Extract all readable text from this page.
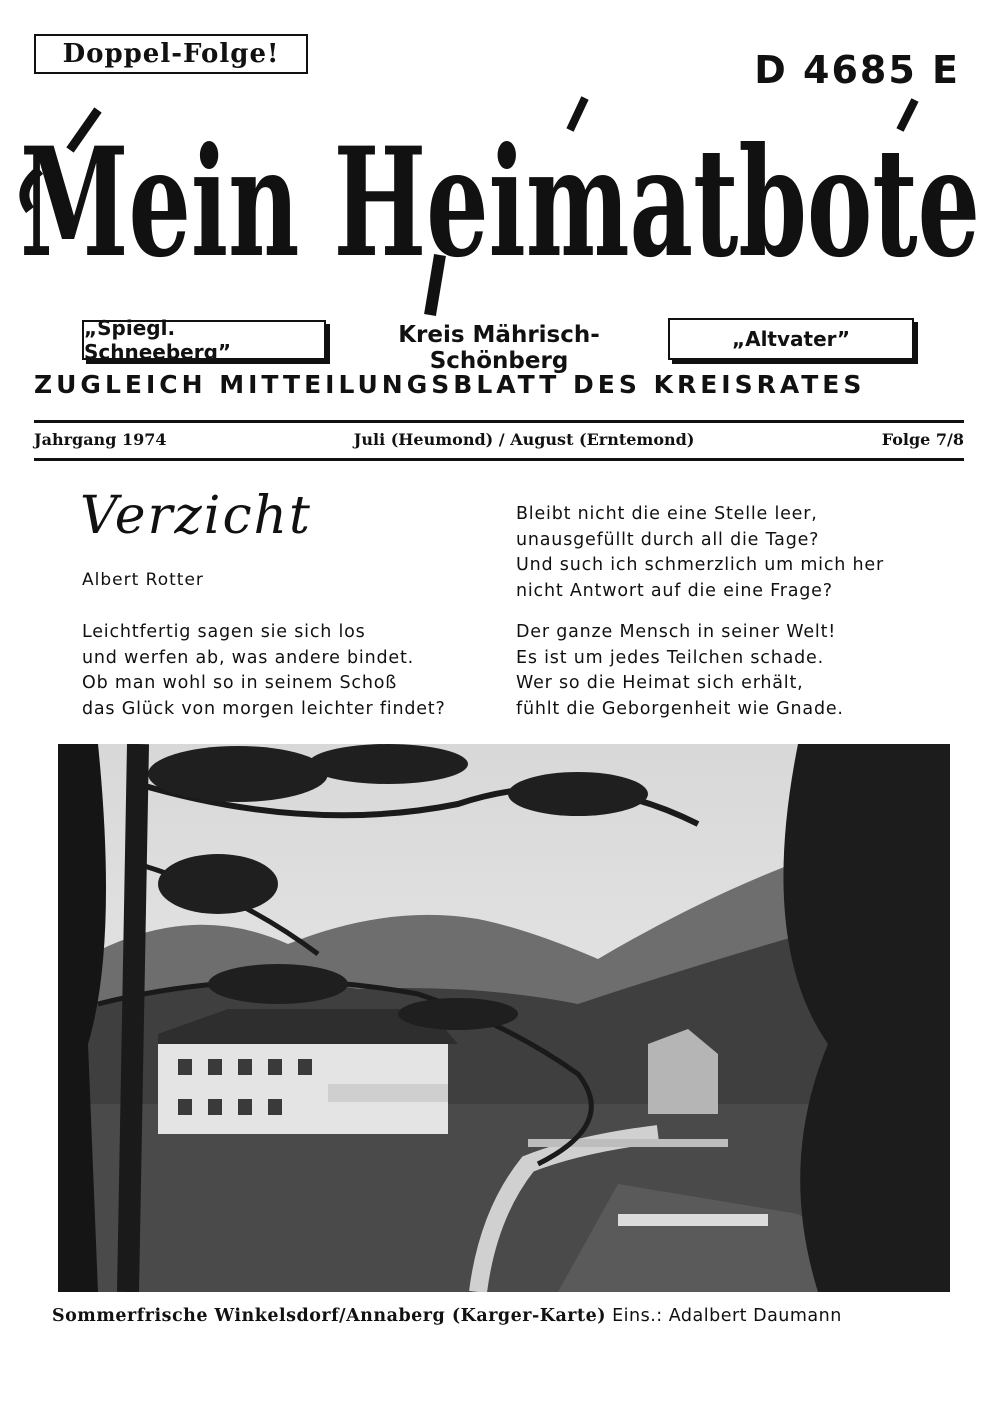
Doppel-Folge!	D 4685 E
Mein Heimatbote
„Spiegl. Schneeberg”
Kreis Mährisch-Schönberg
„Altvater”
ZUGLEICH MITTEILUNGSBLATT DES KREISRATES
Jahrgang 1974	Juli (Heumond) / August (Erntemond)	Folge 7/8
Verzicht
Albert Rotter
Leichtfertig sagen sie sich los
und werfen ab, was andere bindet.
Ob man wohl so in seinem Schoß
das Glück von morgen leichter findet?
Bleibt nicht die eine Stelle leer,
unausgefüllt durch all die Tage?
Und such ich schmerzlich um mich her
nicht Antwort auf die eine Frage?
Der ganze Mensch in seiner Welt!
Es ist um jedes Teilchen schade.
Wer so die Heimat sich erhält,
fühlt die Geborgenheit wie Gnade.
Sommerfrische Winkelsdorf/Annaberg (Karger-Karte) Eins.: Adalbert Daumann
